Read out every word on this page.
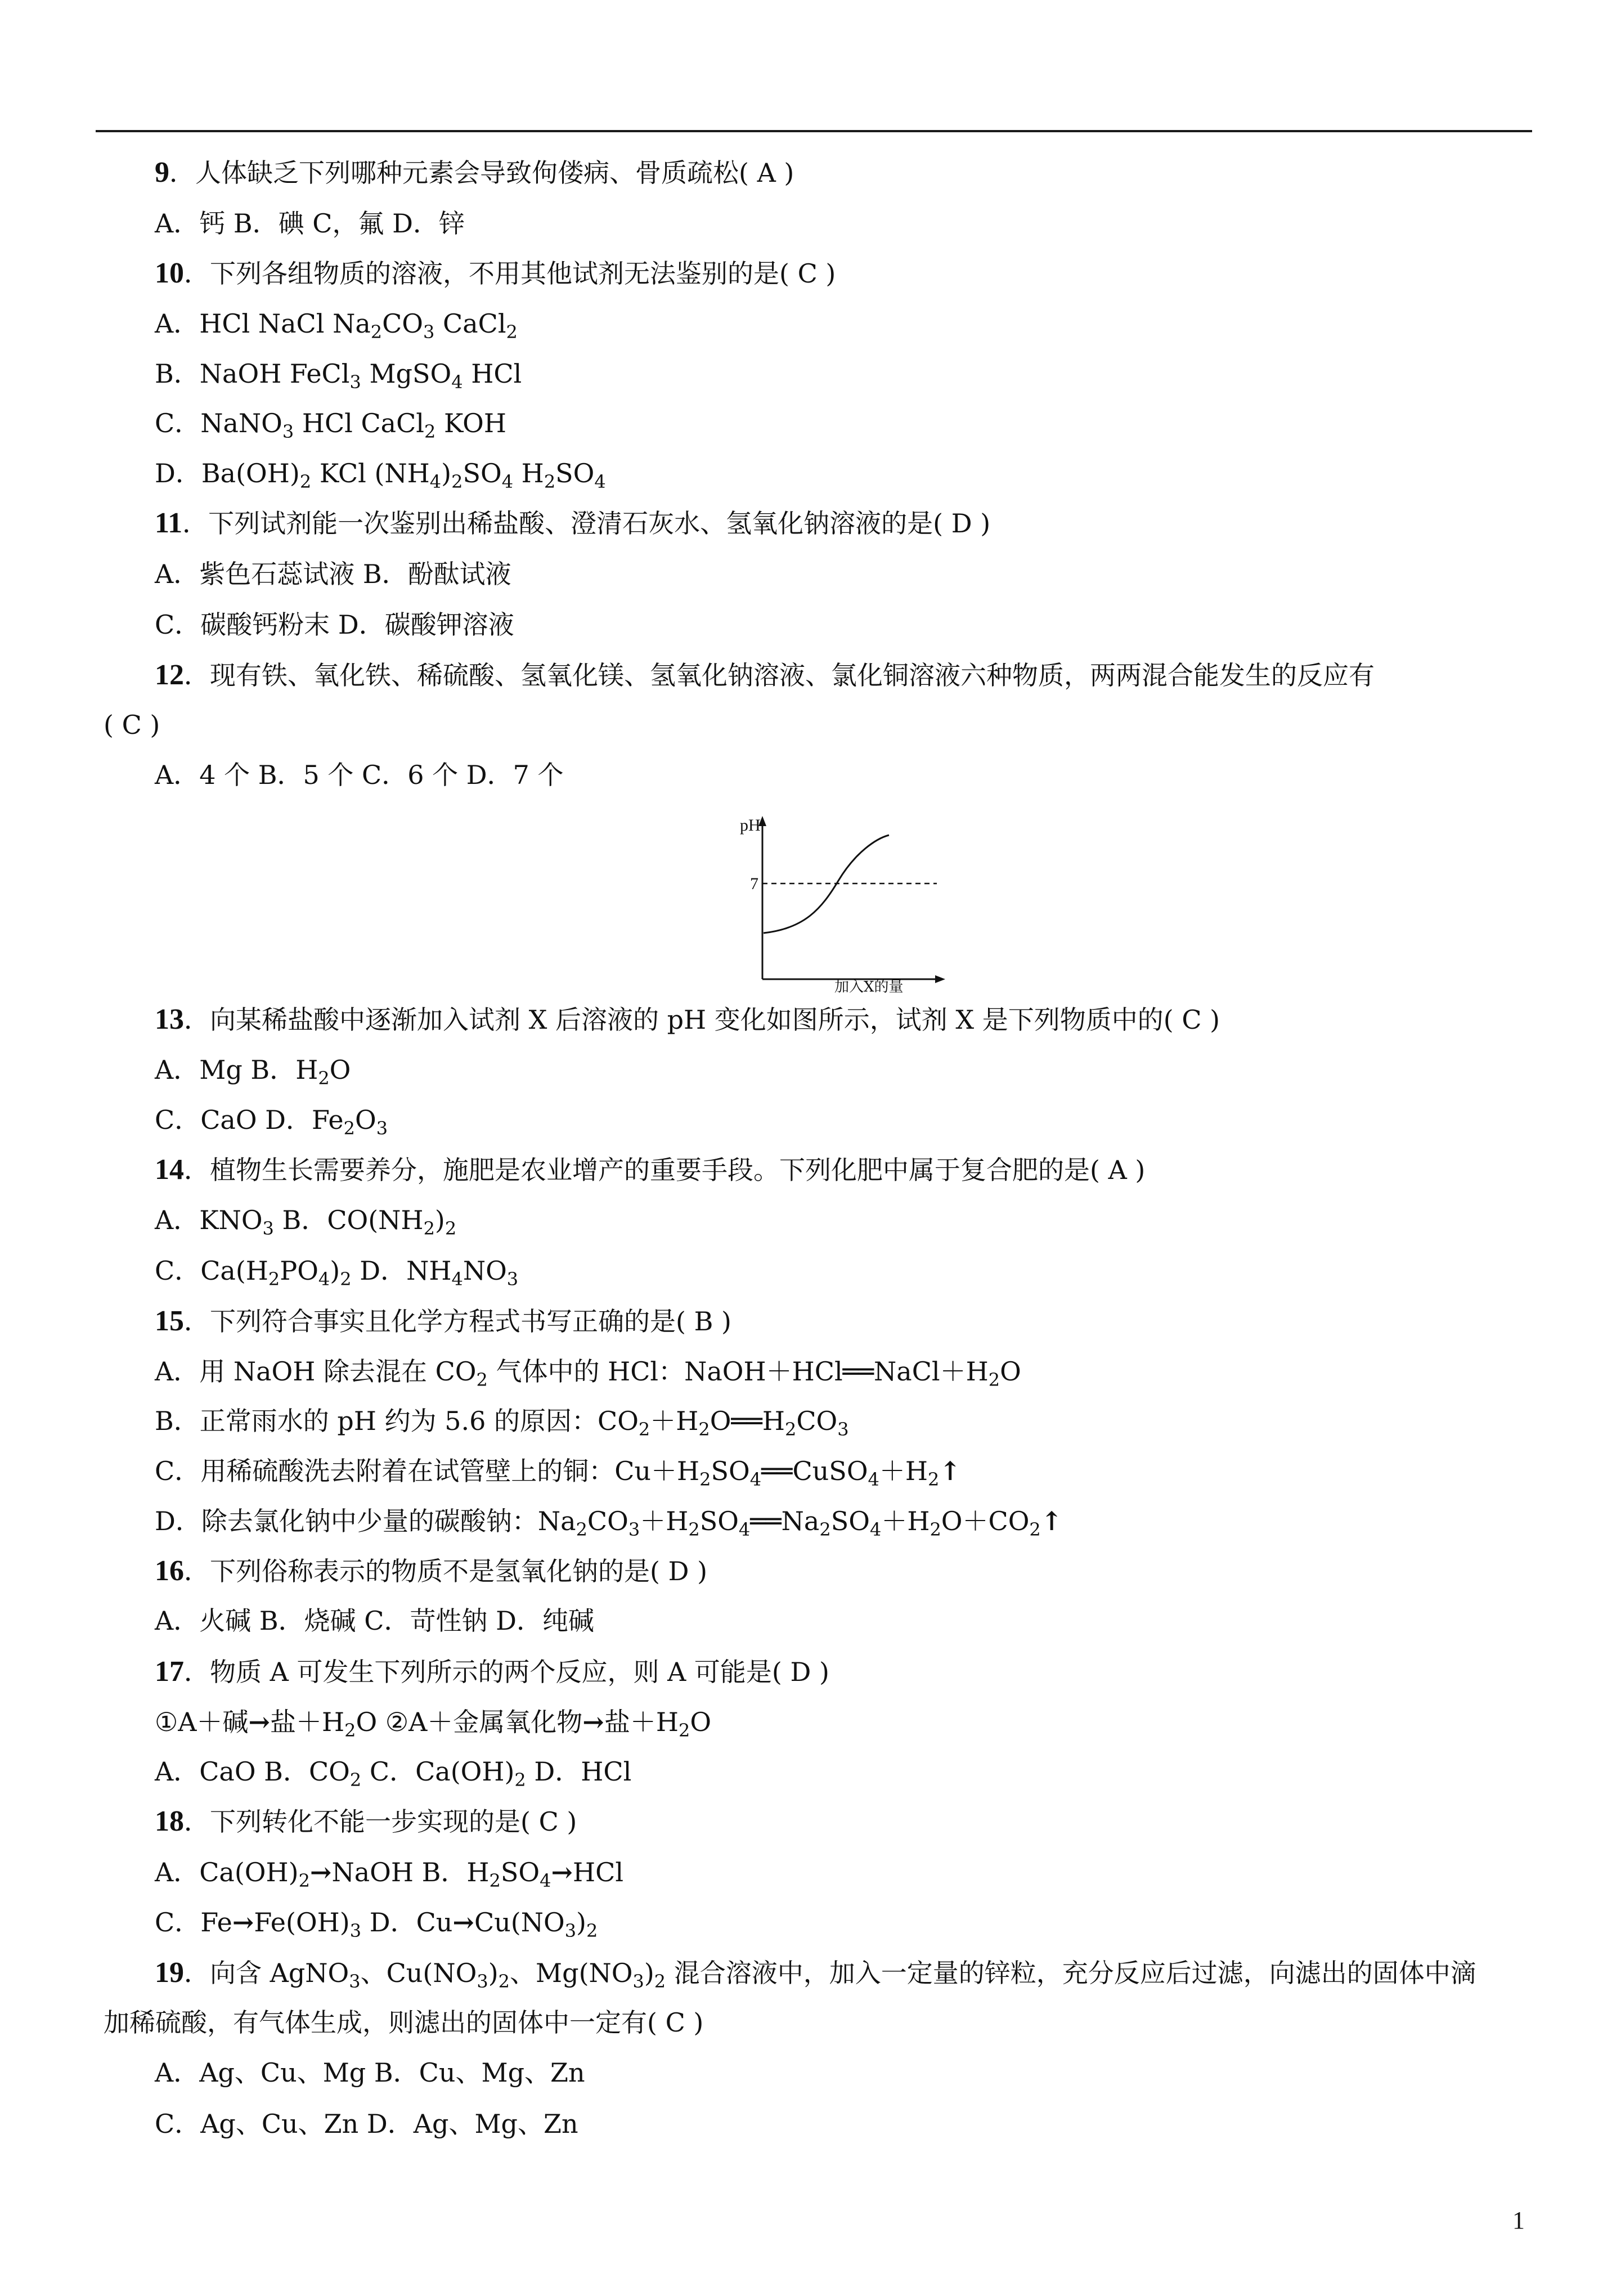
9．人体缺乏下列哪种元素会导致佝偻病、骨质疏松( A )
A．钙 B．碘 C，氟 D．锌
10．下列各组物质的溶液，不用其他试剂无法鉴别的是( C )
A．HCl NaCl $Na_2CO_3$ CaCl$_2$
B．NaOH FeCl$_3$ MgSO$_4$ HCl
C．NaNO$_3$ HCl CaCl$_2$ KOH
D．$Ba(OH)_2$ KCl $(NH_4)_2SO_4$ $H_2SO_4$
11．下列试剂能一次鉴别出稀盐酸、澄清石灰水、氢氧化钠溶液的是( D )
A．紫色石蕊试液 B．酚酞试液
C．碳酸钙粉末 D．碳酸钾溶液
12．现有铁、氧化铁、稀硫酸、氢氧化镁、氢氧化钠溶液、氯化铜溶液六种物质，两两混合能发生的反应有
( C )
A．4 个 B．5 个 C．6 个 D．7 个
13．向某稀盐酸中逐渐加入试剂 X 后溶液的 pH 变化如图所示，试剂 X 是下列物质中的( C )
A．Mg B．$H_2O$
C．CaO D．$Fe_2O_3$
14．植物生长需要养分，施肥是农业增产的重要手段。下列化肥中属于复合肥的是( A )
A．$KNO_3$ B．$CO(NH_2)_2$
C．$Ca(H_2PO_4)_2$ D．$NH_4NO_3$
15．下列符合事实且化学方程式书写正确的是( B )
A．用 NaOH 除去混在 $CO_2$ 气体中的 HCl：$NaOH+HCl══NaCl+H_2O$
B．正常雨水的 pH 约为 5.6 的原因：$CO_2+H_2O══H_2CO_3$
C．用稀硫酸洗去附着在试管壁上的铜：$Cu+H_2SO_4══CuSO_4+H_2↑$
D．除去氯化钠中少量的碳酸钠：$Na_2CO_3+H_2SO_4══Na_2SO_4+H_2O+CO_2↑$
16．下列俗称表示的物质不是氢氧化钠的是( D )
A．火碱 B．烧碱 C．苛性钠 D．纯碱
17．物质 A 可发生下列所示的两个反应，则 A 可能是( D )
①A＋碱→盐$+H_2O$ ②A＋金属氧化物→盐$+H_2O$
A．CaO B．$CO_2$ C．$Ca(OH)_2$ D．HCl
18．下列转化不能一步实现的是( C )
A．$Ca(OH)_2\to NaOH$ B．$H_2SO_4\to HCl$
C．$Fe\to Fe(OH)_3$ D．$Cu\to Cu(NO_3)_2$
19．向含 AgNO$_3$、$Cu(NO_3)_2$、$Mg(NO_3)_2$ 混合溶液中，加入一定量的锌粒，充分反应后过滤，向滤出的固体中滴
加稀硫酸，有气体生成，则滤出的固体中一定有( C )
A．Ag、Cu、Mg B．Cu、Mg、Zn
C．Ag、Cu、Zn D．Ag、Mg、Zn
pH
7
加入X的量
1
